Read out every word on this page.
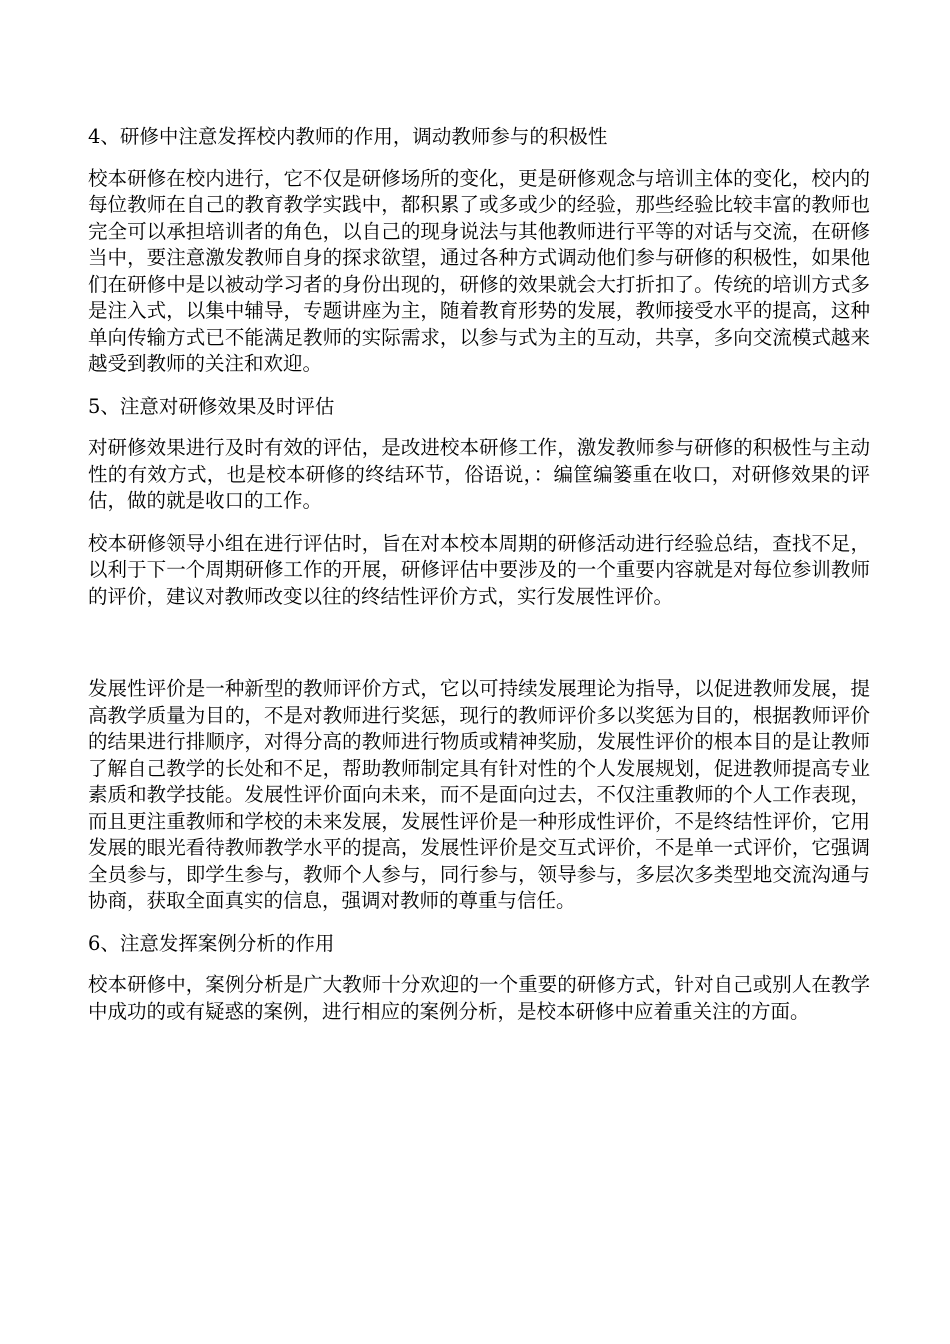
4、研修中注意发挥校内教师的作用，调动教师参与的积极性

校本研修在校内进行，它不仅是研修场所的变化，更是研修观念与培训主体的变化，校内的每位教师在自己的教育教学实践中，都积累了或多或少的经验，那些经验比较丰富的教师也完全可以承担培训者的角色，以自己的现身说法与其他教师进行平等的对话与交流，在研修当中，要注意激发教师自身的探求欲望，通过各种方式调动他们参与研修的积极性，如果他们在研修中是以被动学习者的身份出现的，研修的效果就会大打折扣了。传统的培训方式多是注入式，以集中辅导，专题讲座为主，随着教育形势的发展，教师接受水平的提高，这种单向传输方式已不能满足教师的实际需求，以参与式为主的互动，共享，多向交流模式越来越受到教师的关注和欢迎。

5、注意对研修效果及时评估

对研修效果进行及时有效的评估，是改进校本研修工作，激发教师参与研修的积极性与主动性的有效方式，也是校本研修的终结环节，俗语说，：编筐编篓重在收口，对研修效果的评估，做的就是收口的工作。

校本研修领导小组在进行评估时，旨在对本校本周期的研修活动进行经验总结，查找不足，以利于下一个周期研修工作的开展，研修评估中要涉及的一个重要内容就是对每位参训教师的评价，建议对教师改变以往的终结性评价方式，实行发展性评价。

发展性评价是一种新型的教师评价方式，它以可持续发展理论为指导，以促进教师发展，提高教学质量为目的，不是对教师进行奖惩，现行的教师评价多以奖惩为目的，根据教师评价的结果进行排顺序，对得分高的教师进行物质或精神奖励，发展性评价的根本目的是让教师了解自己教学的长处和不足，帮助教师制定具有针对性的个人发展规划，促进教师提高专业素质和教学技能。发展性评价面向未来，而不是面向过去，不仅注重教师的个人工作表现，而且更注重教师和学校的未来发展，发展性评价是一种形成性评价，不是终结性评价，它用发展的眼光看待教师教学水平的提高，发展性评价是交互式评价，不是单一式评价，它强调全员参与，即学生参与，教师个人参与，同行参与，领导参与，多层次多类型地交流沟通与协商，获取全面真实的信息，强调对教师的尊重与信任。

6、注意发挥案例分析的作用

校本研修中，案例分析是广大教师十分欢迎的一个重要的研修方式，针对自己或别人在教学中成功的或有疑惑的案例，进行相应的案例分析，是校本研修中应着重关注的方面。
